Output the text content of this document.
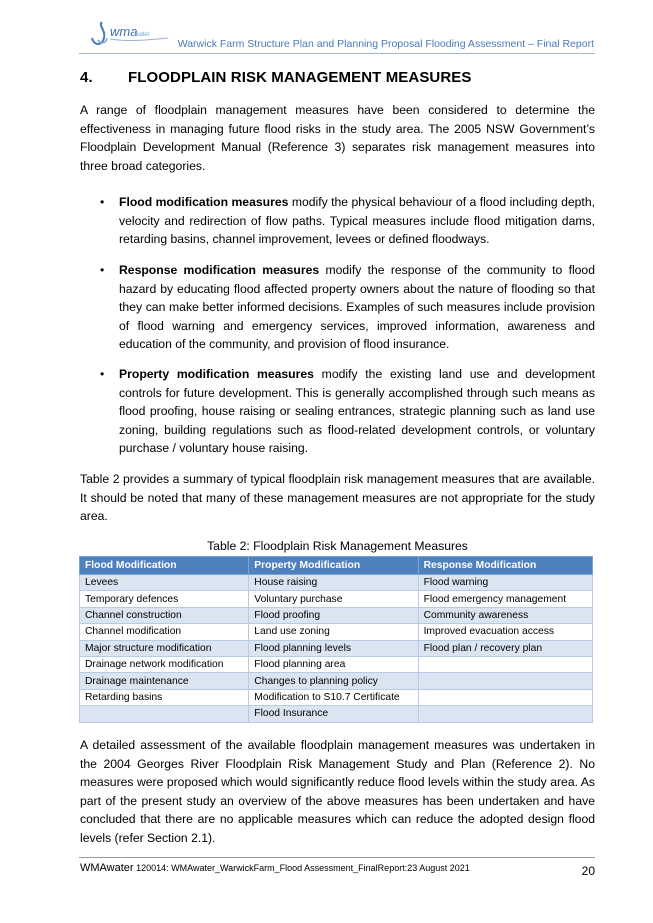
wma
water
Warwick Farm Structure Plan and Planning Proposal Flooding Assessment – Final Report
4. FLOODPLAIN RISK MANAGEMENT MEASURES
A range of floodplain management measures have been considered to determine the effectiveness in managing future flood risks in the study area. The 2005 NSW Government’s Floodplain Development Manual (Reference 3) separates risk management measures into three broad categories.
• Flood modification measures modify the physical behaviour of a flood including depth, velocity and redirection of flow paths. Typical measures include flood mitigation dams, retarding basins, channel improvement, levees or defined floodways.
• Response modification measures modify the response of the community to flood hazard by educating flood affected property owners about the nature of flooding so that they can make better informed decisions. Examples of such measures include provision of flood warning and emergency services, improved information, awareness and education of the community, and provision of flood insurance.
• Property modification measures modify the existing land use and development controls for future development. This is generally accomplished through such means as flood proofing, house raising or sealing entrances, strategic planning such as land use zoning, building regulations such as flood-related development controls, or voluntary purchase / voluntary house raising.
Table 2 provides a summary of typical floodplain risk management measures that are available. It should be noted that many of these management measures are not appropriate for the study area.
Table 2: Floodplain Risk Management Measures
Flood Modification	Property Modification	Response Modification
Levees	House raising	Flood warning
Temporary defences	Voluntary purchase	Flood emergency management
Channel construction	Flood proofing	Community awareness
Channel modification	Land use zoning	Improved evacuation access
Major structure modification	Flood planning levels	Flood plan / recovery plan
Drainage network modification	Flood planning area	
Drainage maintenance	Changes to planning policy	
Retarding basins	Modification to S10.7 Certificate	
	Flood Insurance	
A detailed assessment of the available floodplain management measures was undertaken in the 2004 Georges River Floodplain Risk Management Study and Plan (Reference 2). No measures were proposed which would significantly reduce flood levels within the study area. As part of the present study an overview of the above measures has been undertaken and have concluded that there are no applicable measures which can reduce the adopted design flood levels (refer Section 2.1).
WMAwater 120014: WMAwater_WarwickFarm_Flood Assessment_FinalReport:23 August 2021	20
